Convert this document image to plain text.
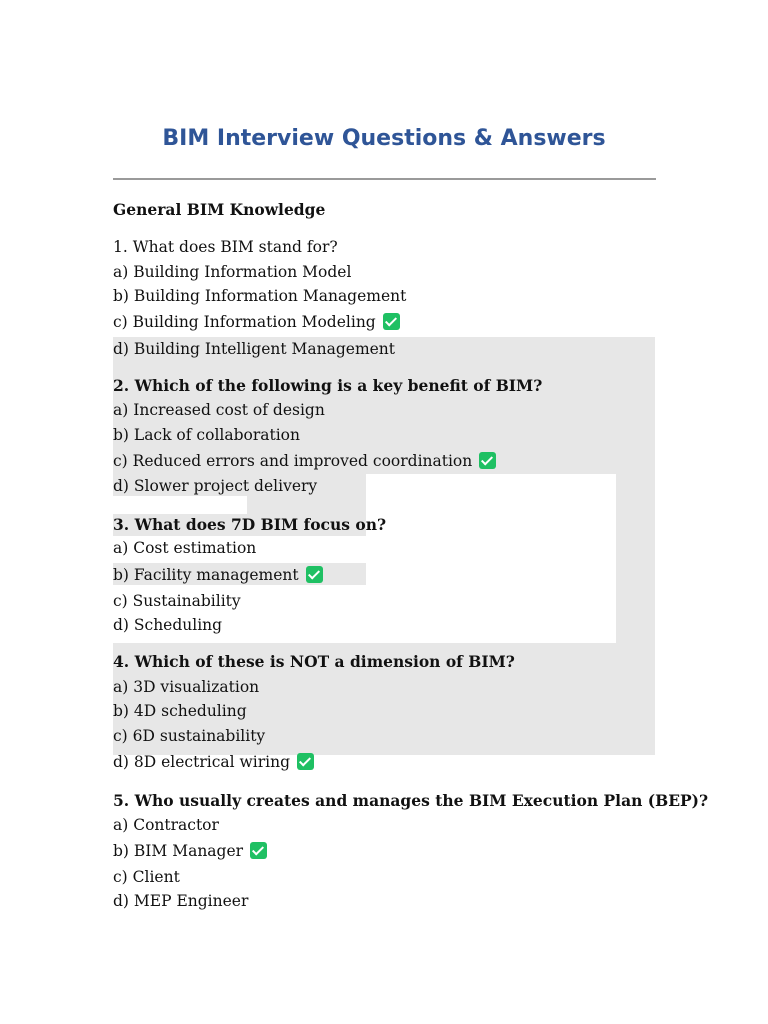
BIM Interview Questions & Answers
General BIM Knowledge
1. What does BIM stand for?
a) Building Information Model
b) Building Information Management
c) Building Information Modeling
d) Building Intelligent Management
2. Which of the following is a key benefit of BIM?
a) Increased cost of design
b) Lack of collaboration
c) Reduced errors and improved coordination
d) Slower project delivery
3. What does 7D BIM focus on?
a) Cost estimation
b) Facility management
c) Sustainability
d) Scheduling
4. Which of these is NOT a dimension of BIM?
a) 3D visualization
b) 4D scheduling
c) 6D sustainability
d) 8D electrical wiring
5. Who usually creates and manages the BIM Execution Plan (BEP)?
a) Contractor
b) BIM Manager
c) Client
d) MEP Engineer
